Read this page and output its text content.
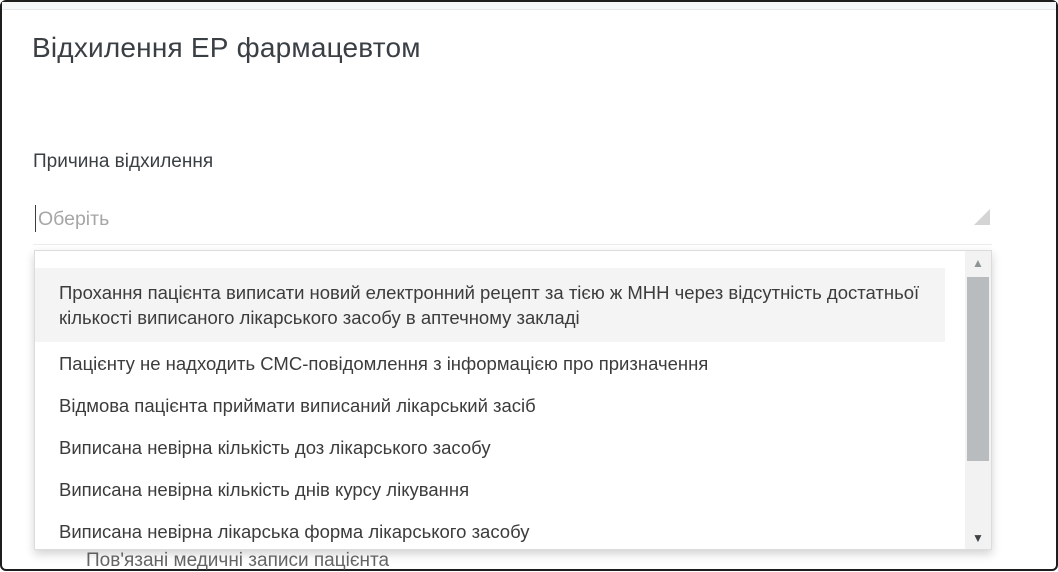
Відхилення ЕР фармацевтом
Причина відхилення
Оберіть
Пов'язані медичні записи пацієнта
Прохання пацієнта виписати новий електронний рецепт за тією ж МНН через відсутність достатньої кількості виписаного лікарського засобу в аптечному закладі
Пацієнту не надходить СМС-повідомлення з інформацією про призначення
Відмова пацієнта приймати виписаний лікарський засіб
Виписана невірна кількість доз лікарського засобу
Виписана невірна кількість днів курсу лікування
Виписана невірна лікарська форма лікарського засобу
▲
▼
